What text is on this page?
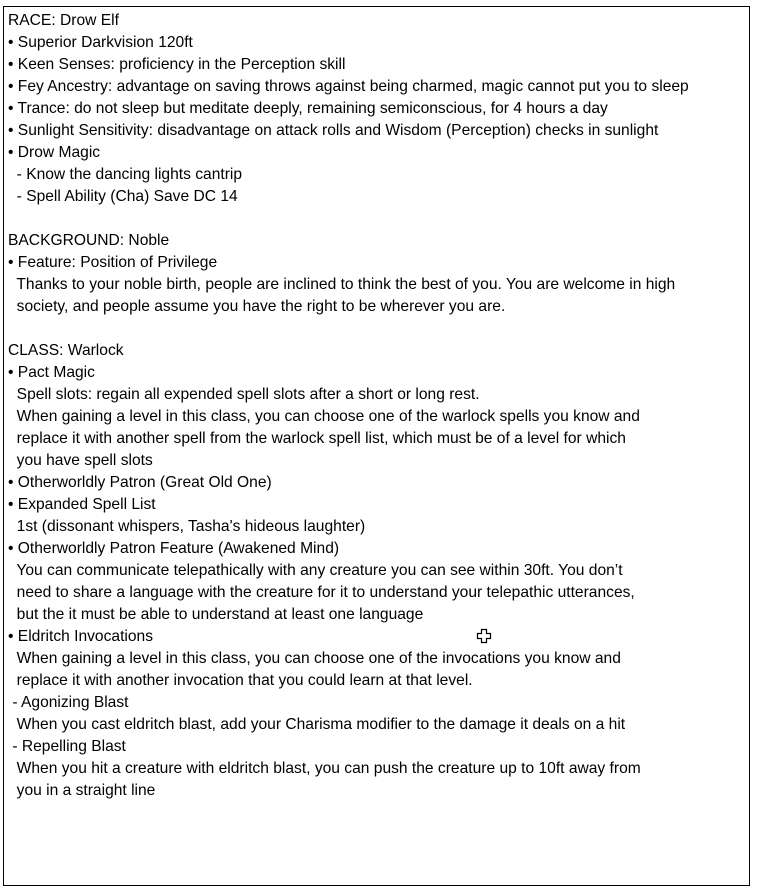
RACE: Drow Elf
• Superior Darkvision 120ft
• Keen Senses: proficiency in the Perception skill
• Fey Ancestry: advantage on saving throws against being charmed, magic cannot put you to sleep
• Trance: do not sleep but meditate deeply, remaining semiconscious, for 4 hours a day
• Sunlight Sensitivity: disadvantage on attack rolls and Wisdom (Perception) checks in sunlight
• Drow Magic
- Know the dancing lights cantrip
- Spell Ability (Cha) Save DC 14
BACKGROUND: Noble
• Feature: Position of Privilege
Thanks to your noble birth, people are inclined to think the best of you. You are welcome in high
society, and people assume you have the right to be wherever you are.
CLASS: Warlock
• Pact Magic
Spell slots: regain all expended spell slots after a short or long rest.
When gaining a level in this class, you can choose one of the warlock spells you know and
replace it with another spell from the warlock spell list, which must be of a level for which
you have spell slots
• Otherworldly Patron (Great Old One)
• Expanded Spell List
1st (dissonant whispers, Tasha's hideous laughter)
• Otherworldly Patron Feature (Awakened Mind)
You can communicate telepathically with any creature you can see within 30ft. You don’t
need to share a language with the creature for it to understand your telepathic utterances,
but the it must be able to understand at least one language
• Eldritch Invocations
When gaining a level in this class, you can choose one of the invocations you know and
replace it with another invocation that you could learn at that level.
- Agonizing Blast
When you cast eldritch blast, add your Charisma modifier to the damage it deals on a hit
- Repelling Blast
When you hit a creature with eldritch blast, you can push the creature up to 10ft away from
you in a straight line
